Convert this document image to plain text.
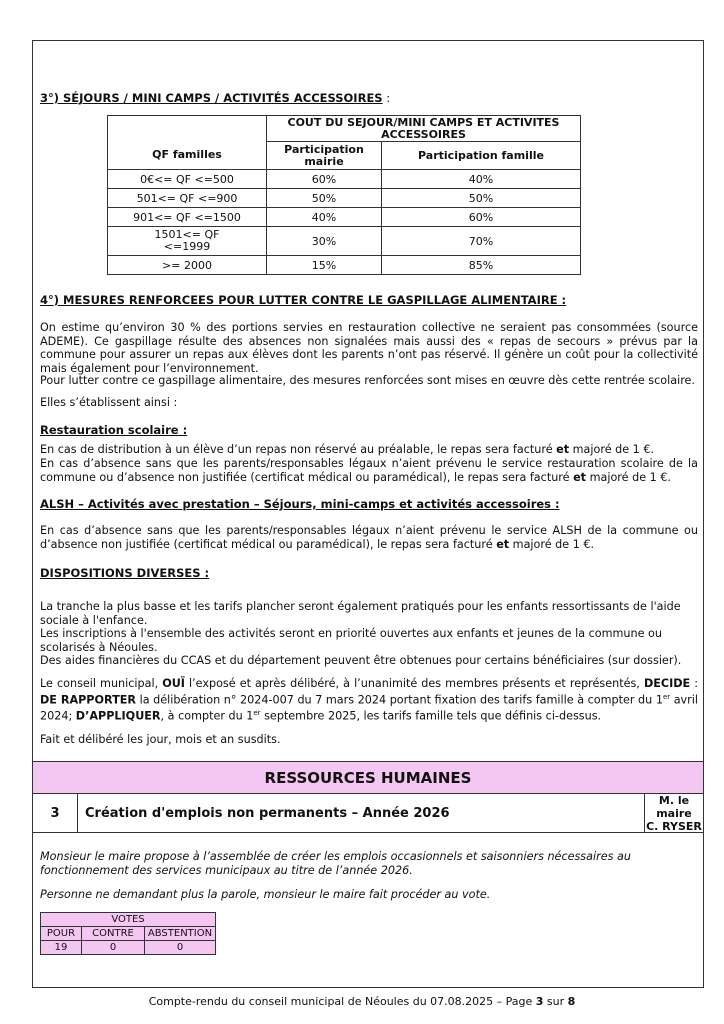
3°) SÉJOURS / MINI CAMPS / ACTIVITÉS ACCESSOIRES :
QF familles	COUT DU SEJOUR/MINI CAMPS ET ACTIVITES ACCESSOIRES	
	Participation mairie	Participation famille
0€<= QF <=500	60%	40%
501<= QF <=900	50%	50%
901<= QF <=1500	40%	60%
1501<= QF <=1999	30%	70%
>= 2000	15%	85%
4°) MESURES RENFORCEES POUR LUTTER CONTRE LE GASPILLAGE ALIMENTAIRE :
On estime qu’environ 30 % des portions servies en restauration collective ne seraient pas consommées (source ADEME). Ce gaspillage résulte des absences non signalées mais aussi des « repas de secours » prévus par la commune pour assurer un repas aux élèves dont les parents n’ont pas réservé. Il génère un coût pour la collectivité mais également pour l’environnement.
Pour lutter contre ce gaspillage alimentaire, des mesures renforcées sont mises en œuvre dès cette rentrée scolaire.
Elles s’établissent ainsi :
Restauration scolaire :
En cas de distribution à un élève d’un repas non réservé au préalable, le repas sera facturé et majoré de 1 €.
En cas d’absence sans que les parents/responsables légaux n’aient prévenu le service restauration scolaire de la commune ou d’absence non justifiée (certificat médical ou paramédical), le repas sera facturé et majoré de 1 €.
ALSH – Activités avec prestation – Séjours, mini-camps et activités accessoires :
En cas d’absence sans que les parents/responsables légaux n’aient prévenu le service ALSH de la commune ou d’absence non justifiée (certificat médical ou paramédical), le repas sera facturé et majoré de 1 €.
DISPOSITIONS DIVERSES :
La tranche la plus basse et les tarifs plancher seront également pratiqués pour les enfants ressortissants de l'aide sociale à l'enfance.
Les inscriptions à l'ensemble des activités seront en priorité ouvertes aux enfants et jeunes de la commune ou scolarisés à Néoules.
Des aides financières du CCAS et du département peuvent être obtenues pour certains bénéficiaires (sur dossier).
Le conseil municipal, OUÏ l’exposé et après délibéré, à l’unanimité des membres présents et représentés, DECIDE : DE RAPPORTER la délibération n° 2024-007 du 7 mars 2024 portant fixation des tarifs famille à compter du 1er avril 2024; D’APPLIQUER, à compter du 1er septembre 2025, les tarifs famille tels que définis ci-dessus.
Fait et délibéré les jour, mois et an susdits.
RESSOURCES HUMAINES
3	Création d'emplois non permanents – Année 2026
M. le maire
C. RYSER
Monsieur le maire propose à l’assemblée de créer les emplois occasionnels et saisonniers nécessaires au fonctionnement des services municipaux au titre de l’année 2026.
Personne ne demandant plus la parole, monsieur le maire fait procéder au vote.
VOTES		
POUR	CONTRE	ABSTENTION
19	0	0
Compte-rendu du conseil municipal de Néoules du 07.08.2025 – Page 3 sur 8
